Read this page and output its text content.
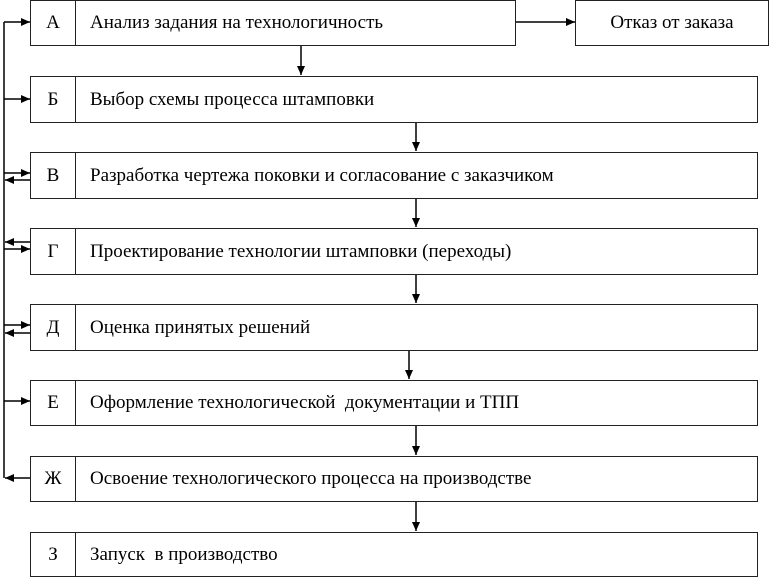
А	Анализ задания на технологичность	Отказ от заказа
Б	Выбор схемы процесса штамповки
В	Разработка чертежа поковки и согласование с заказчиком
Г	Проектирование технологии штамповки (переходы)
Д	Оценка принятых решений
Е	Оформление технологической  документации и ТПП
Ж	Освоение технологического процесса на производстве
З	Запуск  в производство
